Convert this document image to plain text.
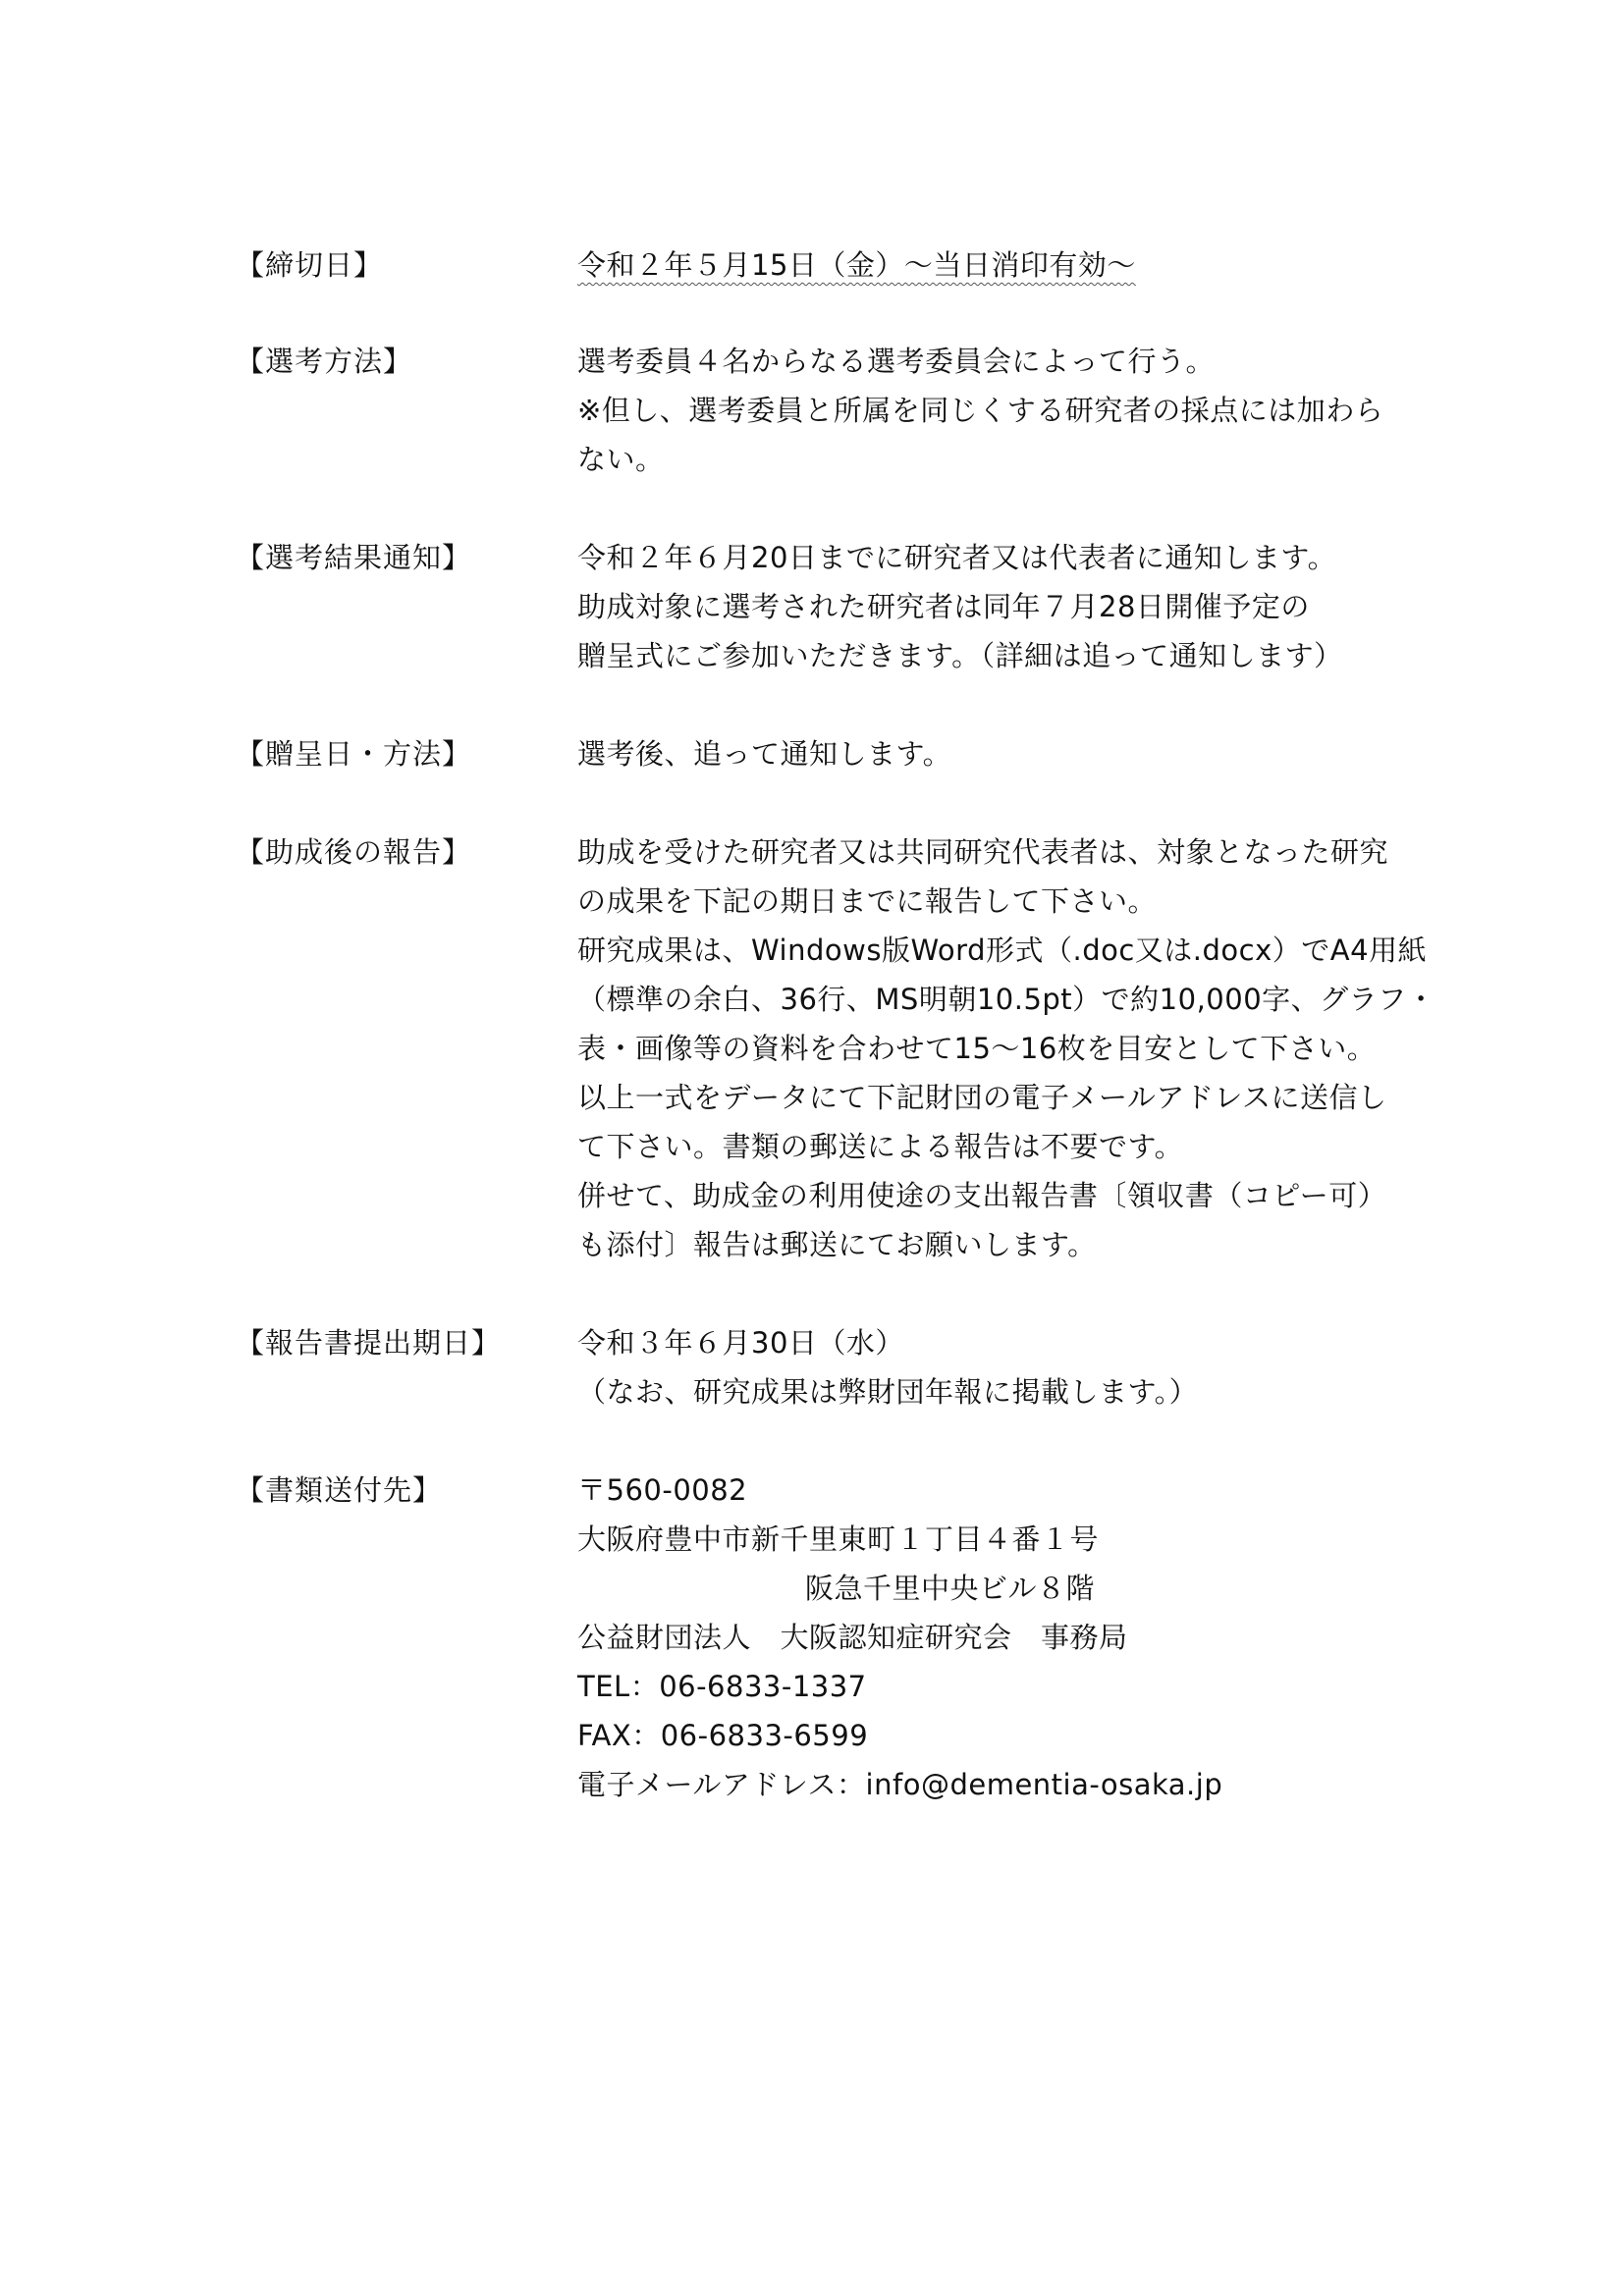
【締切日】	令和２年５月15日（金）～当日消印有効～
【選考方法】	選考委員４名からなる選考委員会によって行う。
※但し、選考委員と所属を同じくする研究者の採点には加わら
ない。
【選考結果通知】	令和２年６月20日までに研究者又は代表者に通知します。
助成対象に選考された研究者は同年７月28日開催予定の
贈呈式にご参加いただきます。（詳細は追って通知します）
【贈呈日・方法】	選考後、追って通知します。
【助成後の報告】	助成を受けた研究者又は共同研究代表者は、対象となった研究
の成果を下記の期日までに報告して下さい。
研究成果は、Windows版Word形式（.doc又は.docx）でA4用紙
（標準の余白、36行、MS明朝10.5pt）で約10,000字、グラフ・
表・画像等の資料を合わせて15～16枚を目安として下さい。
以上一式をデータにて下記財団の電子メールアドレスに送信し
て下さい。書類の郵送による報告は不要です。
併せて、助成金の利用使途の支出報告書〔領収書（コピー可）
も添付〕報告は郵送にてお願いします。
【報告書提出期日】	令和３年６月30日（水）
（なお、研究成果は弊財団年報に掲載します。）
【書類送付先】	〒560-0082
大阪府豊中市新千里東町１丁目４番１号
阪急千里中央ビル８階
公益財団法人　大阪認知症研究会　事務局
TEL：06-6833-1337
FAX：06-6833-6599
電子メールアドレス：info@dementia-osaka.jp
